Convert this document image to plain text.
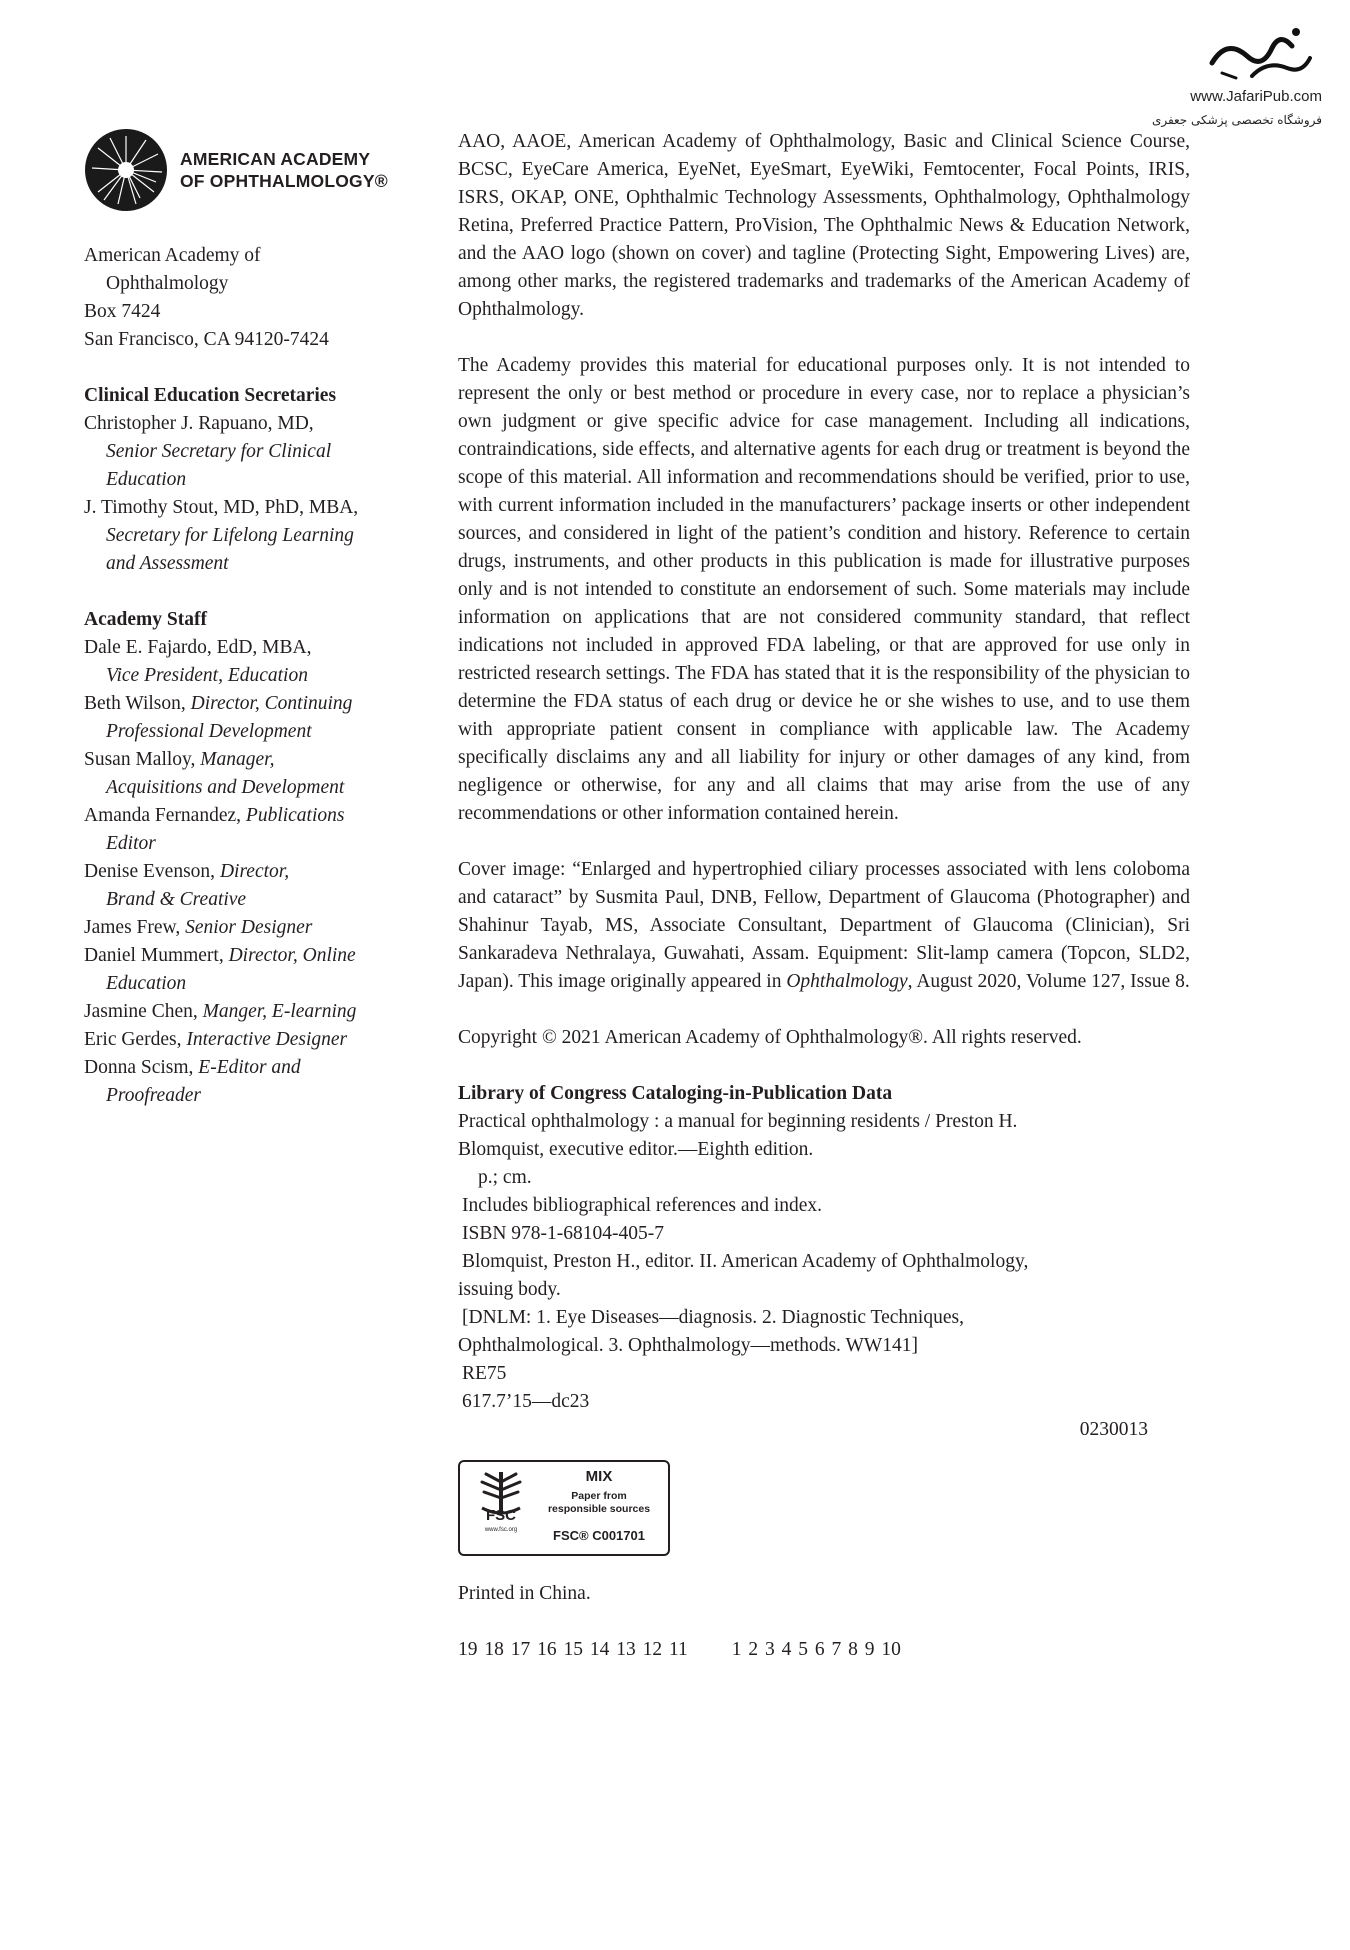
www.JafariPub.com
فروشگاه تخصصی پزشکی جعفری
AMERICAN ACADEMY
OF OPHTHALMOLOGY®
American Academy of
Ophthalmology
Box 7424
San Francisco, CA 94120-7424
Clinical Education Secretaries
Christopher J. Rapuano, MD,
Senior Secretary for Clinical
Education
J. Timothy Stout, MD, PhD, MBA,
Secretary for Lifelong Learning
and Assessment
Academy Staff
Dale E. Fajardo, EdD, MBA,
Vice President, Education
Beth Wilson, Director, Continuing
Professional Development
Susan Malloy, Manager,
Acquisitions and Development
Amanda Fernandez, Publications
Editor
Denise Evenson, Director,
Brand & Creative
James Frew, Senior Designer
Daniel Mummert, Director, Online
Education
Jasmine Chen, Manger, E-learning
Eric Gerdes, Interactive Designer
Donna Scism, E-Editor and
Proofreader

AAO, AAOE, American Academy of Ophthalmology, Basic and Clinical Science Course, BCSC, EyeCare America, EyeNet, EyeSmart, EyeWiki, Femtocenter, Focal Points, IRIS, ISRS, OKAP, ONE, Ophthalmic Technology Assessments, Ophthalmology, Ophthalmology Retina, Preferred Practice Pattern, ProVision, The Ophthalmic News & Education Network, and the AAO logo (shown on cover) and tagline (Protecting Sight, Empowering Lives) are, among other marks, the registered trademarks and trademarks of the American Academy of Ophthalmology.

The Academy provides this material for educational purposes only. It is not intended to represent the only or best method or procedure in every case, nor to replace a physician’s own judgment or give specific advice for case management. Including all indications, contraindications, side effects, and alternative agents for each drug or treatment is beyond the scope of this material. All information and recommendations should be verified, prior to use, with current information included in the manufacturers’ package inserts or other independent sources, and considered in light of the patient’s condition and history. Reference to certain drugs, instruments, and other products in this publication is made for illustrative purposes only and is not intended to constitute an endorsement of such. Some materials may include information on applications that are not considered community standard, that reflect indications not included in approved FDA labeling, or that are approved for use only in restricted research settings. The FDA has stated that it is the responsibility of the physician to determine the FDA status of each drug or device he or she wishes to use, and to use them with appropriate patient consent in compliance with applicable law. The Academy specifically disclaims any and all liability for injury or other damages of any kind, from negligence or otherwise, for any and all claims that may arise from the use of any recommendations or other information contained herein.

Cover image: “Enlarged and hypertrophied ciliary processes associated with lens coloboma and cataract” by Susmita Paul, DNB, Fellow, Department of Glaucoma (Photographer) and Shahinur Tayab, MS, Associate Consultant, Department of Glaucoma (Clinician), Sri Sankaradeva Nethralaya, Guwahati, Assam. Equipment: Slit-lamp camera (Topcon, SLD2, Japan). This image originally appeared in Ophthalmology, August 2020, Volume 127, Issue 8.

Copyright © 2021 American Academy of Ophthalmology®. All rights reserved.

Library of Congress Cataloging-in-Publication Data
Practical ophthalmology : a manual for beginning residents / Preston H.
Blomquist, executive editor.—Eighth edition.
p.; cm.
Includes bibliographical references and index.
ISBN 978-1-68104-405-7
Blomquist, Preston H., editor. II. American Academy of Ophthalmology,
issuing body.
[DNLM: 1. Eye Diseases—diagnosis. 2. Diagnostic Techniques,
Ophthalmological. 3. Ophthalmology—methods. WW141]
RE75
617.7’15—dc23
0230013
FSC
www.fsc.org
MIX
Paper from
responsible sources
FSC® C001701
Printed in China.
19 18 17 16 15 14 13 12 11 1 2 3 4 5 6 7 8 9 10
